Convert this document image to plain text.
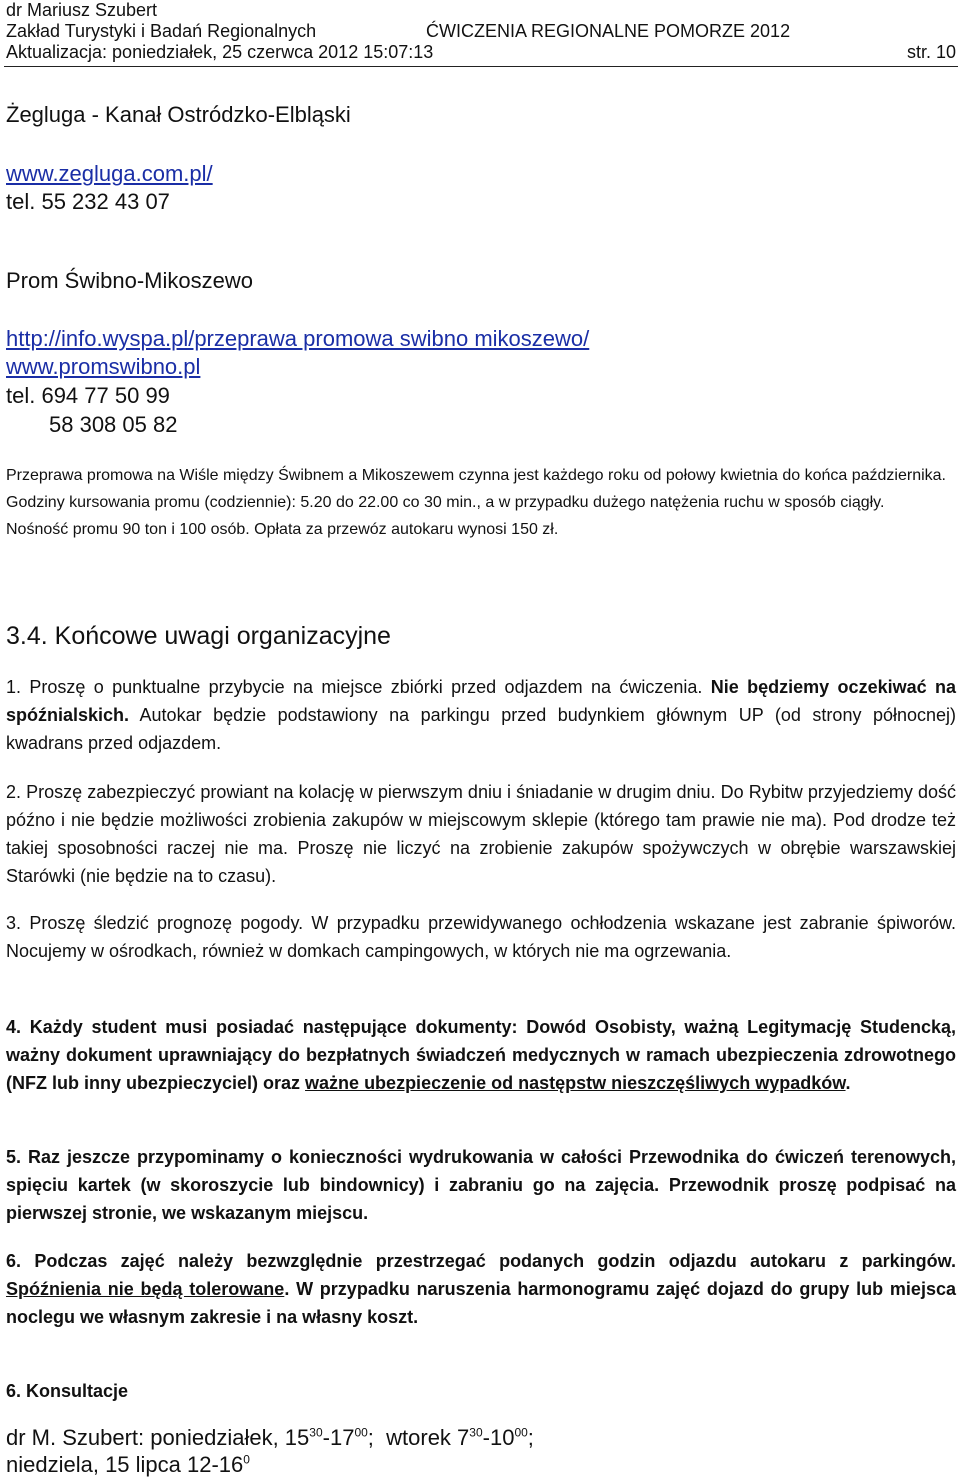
dr Mariusz Szubert
Zakład Turystyki i Badań Regionalnych	ĆWICZENIA REGIONALNE POMORZE 2012
Aktualizacja: poniedziałek, 25 czerwca 2012 15:07:13	str. 10
Żegluga - Kanał Ostródzko-Elbląski
www.zegluga.com.pl/
tel. 55 232 43 07
Prom Świbno-Mikoszewo
http://info.wyspa.pl/przeprawa promowa swibno mikoszewo/
www.promswibno.pl
tel. 694 77 50 99
58 308 05 82
Przeprawa promowa na Wiśle między Świbnem a Mikoszewem czynna jest każdego roku od połowy kwietnia do końca października. Godziny kursowania promu (codziennie): 5.20 do 22.00 co 30 min., a w przypadku dużego natężenia ruchu w sposób ciągły. Nośność promu 90 ton i 100 osób. Opłata za przewóz autokaru wynosi 150 zł.
3.4. Końcowe uwagi organizacyjne
1. Proszę o punktualne przybycie na miejsce zbiórki przed odjazdem na ćwiczenia. Nie będziemy oczekiwać na spóźnialskich. Autokar będzie podstawiony na parkingu przed budynkiem głównym UP (od strony północnej) kwadrans przed odjazdem.
2. Proszę zabezpieczyć prowiant na kolację w pierwszym dniu i śniadanie w drugim dniu. Do Rybitw przyjedziemy dość późno i nie będzie możliwości zrobienia zakupów w miejscowym sklepie (którego tam prawie nie ma). Pod drodze też takiej sposobności raczej nie ma. Proszę nie liczyć na zrobienie zakupów spożywczych w obrębie warszawskiej Starówki (nie będzie na to czasu).
3. Proszę śledzić prognozę pogody. W przypadku przewidywanego ochłodzenia wskazane jest zabranie śpiworów. Nocujemy w ośrodkach, również w domkach campingowych, w których nie ma ogrzewania.
4. Każdy student musi posiadać następujące dokumenty: Dowód Osobisty, ważną Legitymację Studencką, ważny dokument uprawniający do bezpłatnych świadczeń medycznych w ramach ubezpieczenia zdrowotnego (NFZ lub inny ubezpieczyciel) oraz ważne ubezpieczenie od następstw nieszczęśliwych wypadków.
5. Raz jeszcze przypominamy o konieczności wydrukowania w całości Przewodnika do ćwiczeń terenowych, spięciu kartek (w skoroszycie lub bindownicy) i zabraniu go na zajęcia. Przewodnik proszę podpisać na pierwszej stronie, we wskazanym miejscu.
6. Podczas zajęć należy bezwzględnie przestrzegać podanych godzin odjazdu autokaru z parkingów. Spóźnienia nie będą tolerowane. W przypadku naruszenia harmonogramu zajęć dojazd do grupy lub miejsca noclegu we własnym zakresie i na własny koszt.
6. Konsultacje
dr M. Szubert: poniedziałek, $15^{30}-17^{00}$;  wtorek $7^{30}-10^{00}$;
niedziela, 15 lipca $12-16^0$
